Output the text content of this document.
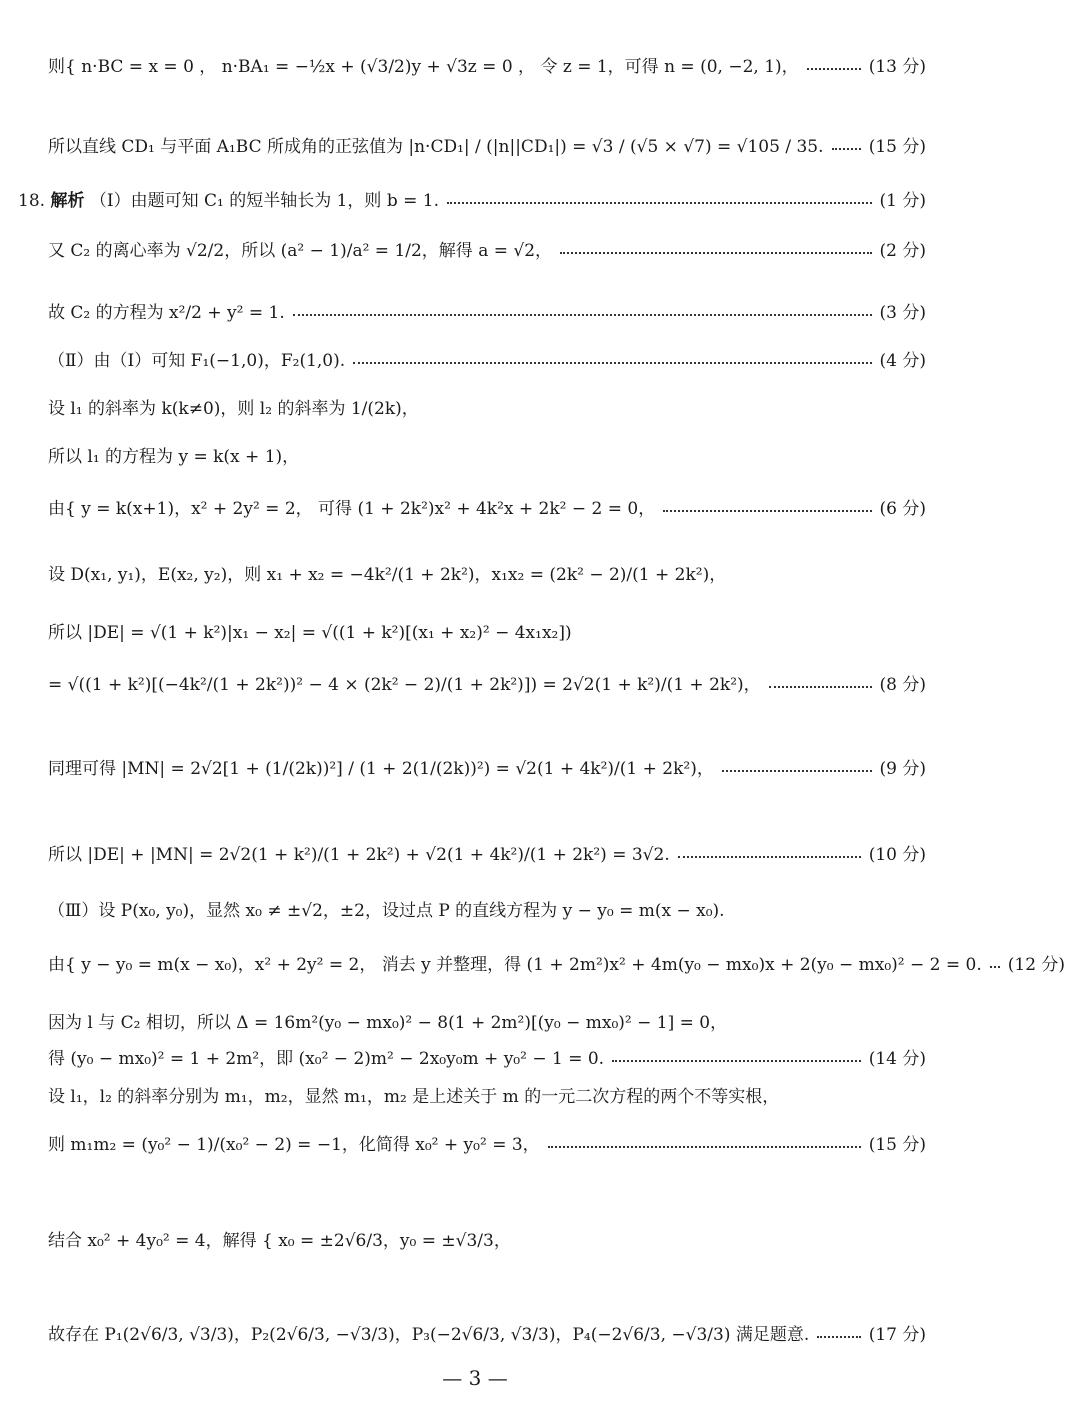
则{ n·BC = x = 0 ， n·BA₁ = −½x + (√3/2)y + √3z = 0 ， 令 z = 1，可得 n = (0, −2, 1)，	(13 分)
所以直线 CD₁ 与平面 A₁BC 所成角的正弦值为 |n·CD₁| / (|n||CD₁|) = √3 / (√5 × √7) = √105 / 35.	(15 分)
18. 解析 （Ⅰ）由题可知 C₁ 的短半轴长为 1，则 b = 1.	(1 分)
又 C₂ 的离心率为 √2/2，所以 (a² − 1)/a² = 1/2，解得 a = √2，	(2 分)
故 C₂ 的方程为 x²/2 + y² = 1.	(3 分)
（Ⅱ）由（Ⅰ）可知 F₁(−1,0)，F₂(1,0).	(4 分)
设 l₁ 的斜率为 k(k≠0)，则 l₂ 的斜率为 1/(2k)，
所以 l₁ 的方程为 y = k(x + 1)，
由{ y = k(x+1)，x² + 2y² = 2， 可得 (1 + 2k²)x² + 4k²x + 2k² − 2 = 0，	(6 分)
设 D(x₁, y₁)，E(x₂, y₂)，则 x₁ + x₂ = −4k²/(1 + 2k²)，x₁x₂ = (2k² − 2)/(1 + 2k²)，
所以 |DE| = √(1 + k²)|x₁ − x₂| = √((1 + k²)[(x₁ + x₂)² − 4x₁x₂])
= √((1 + k²)[(−4k²/(1 + 2k²))² − 4 × (2k² − 2)/(1 + 2k²)]) = 2√2(1 + k²)/(1 + 2k²)，	(8 分)
同理可得 |MN| = 2√2[1 + (1/(2k))²] / (1 + 2(1/(2k))²) = √2(1 + 4k²)/(1 + 2k²)，	(9 分)
所以 |DE| + |MN| = 2√2(1 + k²)/(1 + 2k²) + √2(1 + 4k²)/(1 + 2k²) = 3√2.	(10 分)
（Ⅲ）设 P(x₀, y₀)，显然 x₀ ≠ ±√2，±2，设过点 P 的直线方程为 y − y₀ = m(x − x₀).
由{ y − y₀ = m(x − x₀)，x² + 2y² = 2， 消去 y 并整理，得 (1 + 2m²)x² + 4m(y₀ − mx₀)x + 2(y₀ − mx₀)² − 2 = 0. (12 分)
因为 l 与 C₂ 相切，所以 Δ = 16m²(y₀ − mx₀)² − 8(1 + 2m²)[(y₀ − mx₀)² − 1] = 0，
得 (y₀ − mx₀)² = 1 + 2m²，即 (x₀² − 2)m² − 2x₀y₀m + y₀² − 1 = 0.	(14 分)
设 l₁，l₂ 的斜率分别为 m₁，m₂，显然 m₁，m₂ 是上述关于 m 的一元二次方程的两个不等实根，
则 m₁m₂ = (y₀² − 1)/(x₀² − 2) = −1，化简得 x₀² + y₀² = 3，	(15 分)
结合 x₀² + 4y₀² = 4，解得 { x₀ = ±2√6/3，y₀ = ±√3/3，
故存在 P₁(2√6/3, √3/3)，P₂(2√6/3, −√3/3)，P₃(−2√6/3, √3/3)，P₄(−2√6/3, −√3/3) 满足题意.	(17 分)
— 3 —
